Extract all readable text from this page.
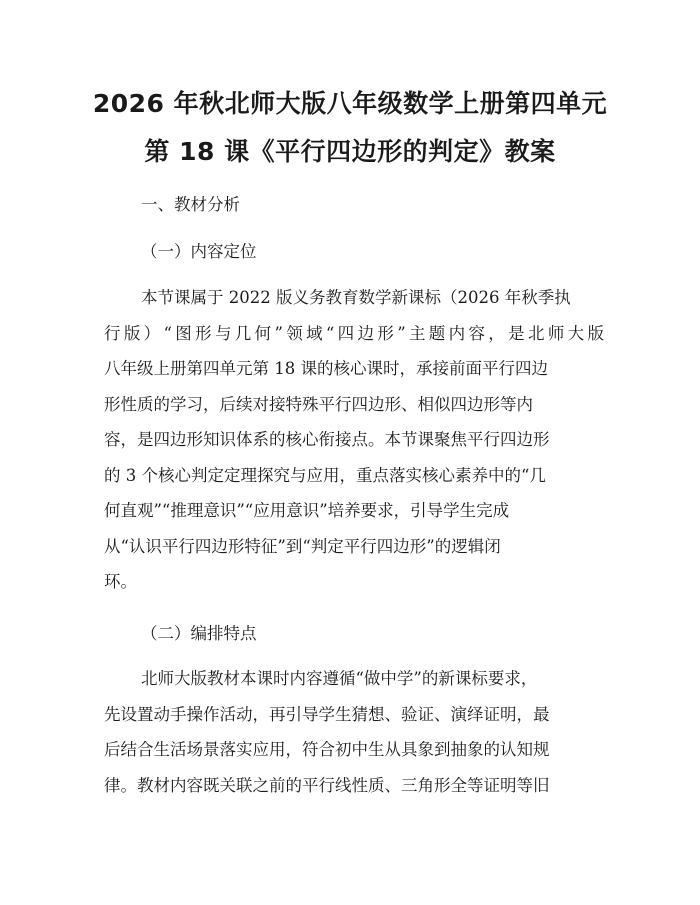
2026 年秋北师大版八年级数学上册第四单元
第 18 课《平行四边形的判定》教案
一、教材分析
（一）内容定位
本节课属于 2022 版义务教育数学新课标（2026 年秋季执
行版）“图形与几何”领域“四边形”主题内容，是北师大版
八年级上册第四单元第 18 课的核心课时，承接前面平行四边
形性质的学习，后续对接特殊平行四边形、相似四边形等内
容，是四边形知识体系的核心衔接点。本节课聚焦平行四边形
的 3 个核心判定定理探究与应用，重点落实核心素养中的“几
何直观”“推理意识”“应用意识”培养要求，引导学生完成
从“认识平行四边形特征”到“判定平行四边形”的逻辑闭
环。
（二）编排特点
北师大版教材本课时内容遵循“做中学”的新课标要求，
先设置动手操作活动，再引导学生猜想、验证、演绎证明，最
后结合生活场景落实应用，符合初中生从具象到抽象的认知规
律。教材内容既关联之前的平行线性质、三角形全等证明等旧
